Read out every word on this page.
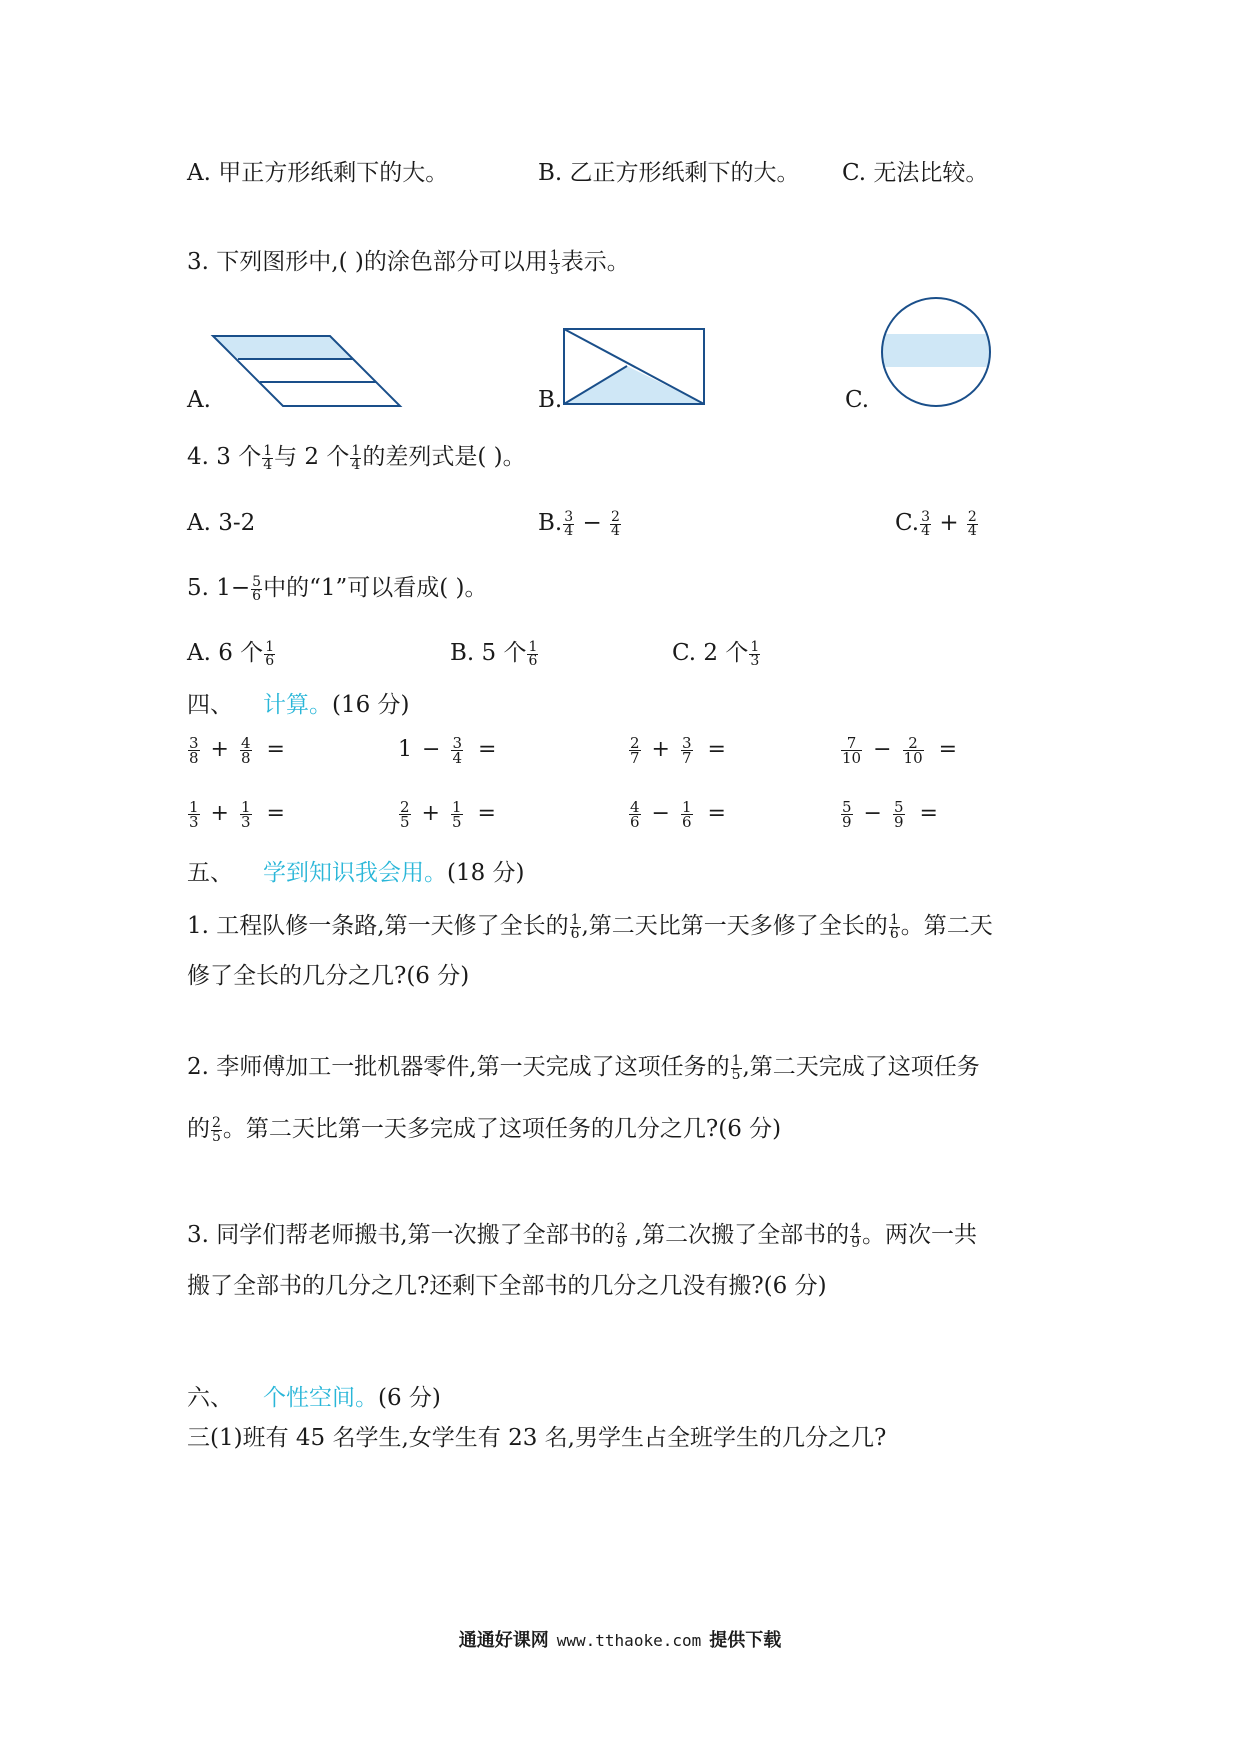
A. 甲正方形纸剩下的大。	B. 乙正方形纸剩下的大。 C. 无法比较。
3. 下列图形中,( )的涂色部分可以用 $\frac{1}{3}$ 表示。
A.	B.	C.
4. 3 个 $\frac{1}{4}$ 与 2 个 $\frac{1}{4}$ 的差列式是( )。
A. 3-2	B. $\frac{3}{4} - \frac{2}{4}$	C. $\frac{3}{4} + \frac{2}{4}$
5. $1- \frac{5}{6}$ 中的“1”可以看成( )。
A. 6 个 $\frac{1}{6}$	B. 5 个 $\frac{1}{6}$	C. 2 个 $\frac{1}{3}$
四、 计算。(16 分)
$\frac{3}{8} + \frac{4}{8}$ =	$1 - \frac{3}{4}$ =	$\frac{2}{7} + \frac{3}{7}$ =	$\frac{7}{10} - \frac{2}{10}$ =
$\frac{1}{3} + \frac{1}{3}$ =	$\frac{2}{5} + \frac{1}{5}$ =	$\frac{4}{6} - \frac{1}{6}$ =	$\frac{5}{9} - \frac{5}{9}$ =
五、 学到知识我会用。(18 分)
1. 工程队修一条路,第一天修了全长的 $\frac{1}{6}$ ,第二天比第一天多修了全长的 $\frac{1}{6}$ 。第二天
修了全长的几分之几?(6 分)
2. 李师傅加工一批机器零件,第一天完成了这项任务的 $\frac{1}{5}$ ,第二天完成了这项任务
的 $\frac{2}{5}$ 。第二天比第一天多完成了这项任务的几分之几?(6 分)
3. 同学们帮老师搬书,第一次搬了全部书的 $\frac{2}{9}$ ,第二次搬了全部书的 $\frac{4}{9}$ 。两次一共
搬了全部书的几分之几?还剩下全部书的几分之几没有搬?(6 分)
六、 个性空间。(6 分)
三(1)班有 45 名学生,女学生有 23 名,男学生占全班学生的几分之几?
通通好课网 www.tthaoke.com 提供下载
